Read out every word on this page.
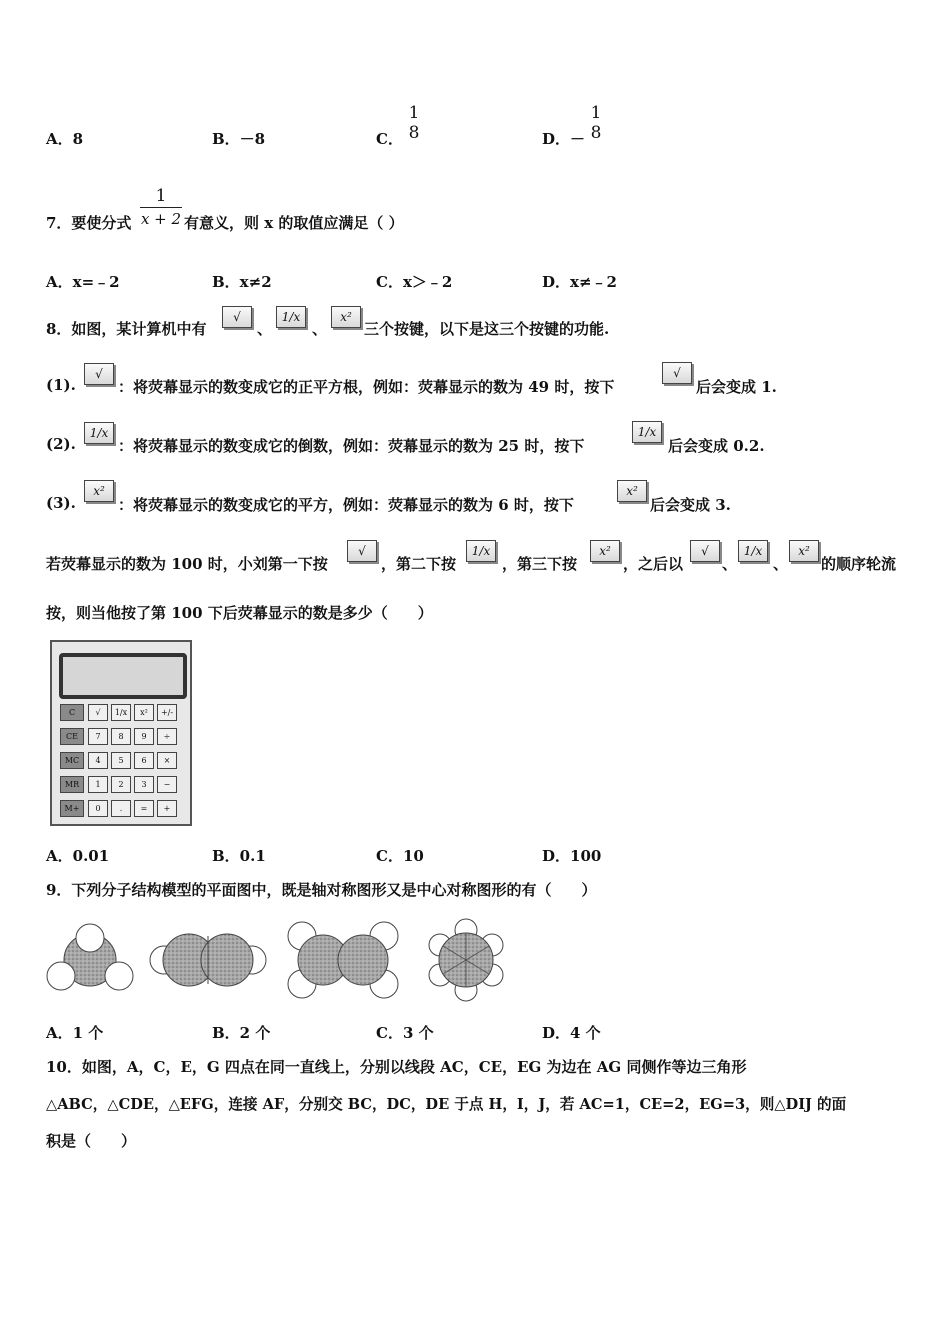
A．8	B．－8	C．
1
8	D．－
1
8
7．要使分式
1
x + 2 有意义，则 x 的取值应满足（ ）
A．x=﹣2	B．x≠2	C．x＞﹣2	D．x≠﹣2
8．如图，某计算机中有
√
、
1/x
、
x²
三个按键，以下是这三个按键的功能.
(1).
√
：将荧幕显示的数变成它的正平方根，例如：荧幕显示的数为 49 时，按下
√
后会变成 1.
(2).
1/x
：将荧幕显示的数变成它的倒数，例如：荧幕显示的数为 25 时，按下
1/x
后会变成 0.2.
(3).
x²
：将荧幕显示的数变成它的平方，例如：荧幕显示的数为 6 时，按下
x²
后会变成 3.
若荧幕显示的数为 100 时，小刘第一下按
√
，第二下按
1/x
，第三下按
x²
，之后以
√
、
1/x
、
x²
的顺序轮流
按，则当他按了第 100 下后荧幕显示的数是多少（　　）
C	√	1/x	x²	+/-
CE	7	8	9	÷
MC	4	5	6	×
MR	1	2	3	−
M+	0	.	=	+
A．0.01	B．0.1	C．10	D．100
9．下列分子结构模型的平面图中，既是轴对称图形又是中心对称图形的有（　　）
A．1 个	B．2 个	C．3 个	D．4 个
10．如图，A，C，E，G 四点在同一直线上，分别以线段 AC，CE，EG 为边在 AG 同侧作等边三角形
△ABC，△CDE，△EFG，连接 AF，分别交 BC，DC，DE 于点 H，I，J，若 AC=1，CE=2，EG=3，则△DIJ 的面
积是（　　）
